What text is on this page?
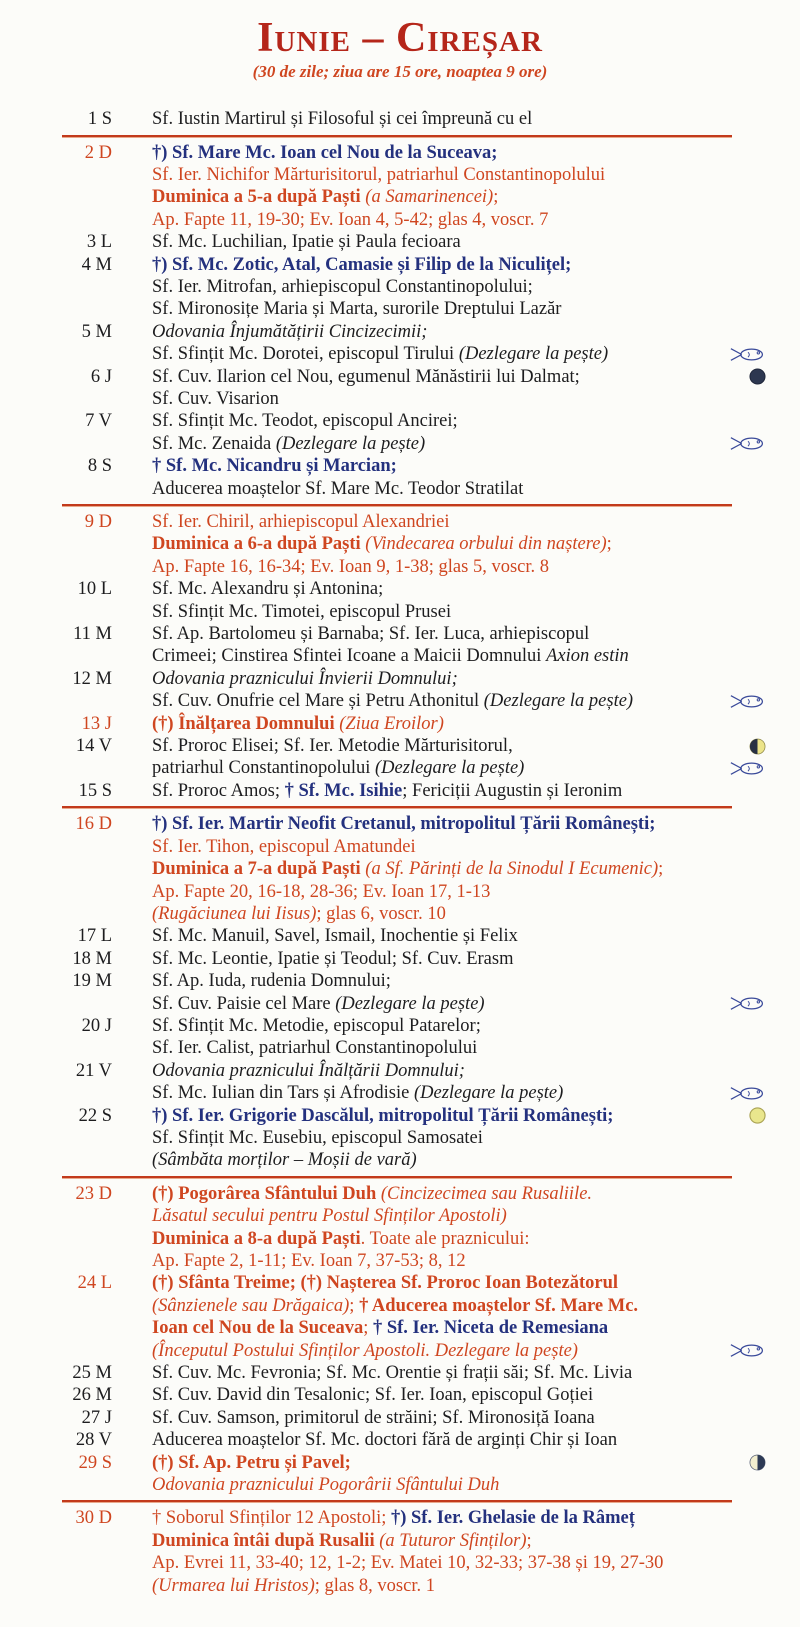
Iunie – Cireșar
(30 de zile; ziua are 15 ore, noaptea 9 ore)
1 S Sf. Iustin Martirul și Filosoful și cei împreună cu el
2 D †) Sf. Mare Mc. Ioan cel Nou de la Suceava;
Sf. Ier. Nichifor Mărturisitorul, patriarhul Constantinopolului
Duminica a 5-a după Paști (a Samarinencei);
Ap. Fapte 11, 19-30; Ev. Ioan 4, 5-42; glas 4, voscr. 7
3 L Sf. Mc. Luchilian, Ipatie și Paula fecioara
4 M †) Sf. Mc. Zotic, Atal, Camasie și Filip de la Niculițel;
Sf. Ier. Mitrofan, arhiepiscopul Constantinopolului;
Sf. Mironosițe Maria și Marta, surorile Dreptului Lazăr
5 M Odovania Înjumătățirii Cincizecimii;
Sf. Sfințit Mc. Dorotei, episcopul Tirului (Dezlegare la pește)
6 J Sf. Cuv. Ilarion cel Nou, egumenul Mănăstirii lui Dalmat;
Sf. Cuv. Visarion
7 V Sf. Sfințit Mc. Teodot, episcopul Ancirei;
Sf. Mc. Zenaida (Dezlegare la pește)
8 S † Sf. Mc. Nicandru și Marcian;
Aducerea moaștelor Sf. Mare Mc. Teodor Stratilat
9 D Sf. Ier. Chiril, arhiepiscopul Alexandriei
Duminica a 6-a după Paști (Vindecarea orbului din naștere);
Ap. Fapte 16, 16-34; Ev. Ioan 9, 1-38; glas 5, voscr. 8
10 L Sf. Mc. Alexandru și Antonina;
Sf. Sfințit Mc. Timotei, episcopul Prusei
11 M Sf. Ap. Bartolomeu și Barnaba; Sf. Ier. Luca, arhiepiscopul
Crimeei; Cinstirea Sfintei Icoane a Maicii Domnului Axion estin
12 M Odovania praznicului Învierii Domnului;
Sf. Cuv. Onufrie cel Mare și Petru Athonitul (Dezlegare la pește)
13 J (†) Înălțarea Domnului (Ziua Eroilor)
14 V Sf. Proroc Elisei; Sf. Ier. Metodie Mărturisitorul,
patriarhul Constantinopolului (Dezlegare la pește)
15 S Sf. Proroc Amos; † Sf. Mc. Isihie; Fericiții Augustin și Ieronim
16 D †) Sf. Ier. Martir Neofit Cretanul, mitropolitul Țării Românești;
Sf. Ier. Tihon, episcopul Amatundei
Duminica a 7-a după Paști (a Sf. Părinți de la Sinodul I Ecumenic);
Ap. Fapte 20, 16-18, 28-36; Ev. Ioan 17, 1-13
(Rugăciunea lui Iisus); glas 6, voscr. 10
17 L Sf. Mc. Manuil, Savel, Ismail, Inochentie și Felix
18 M Sf. Mc. Leontie, Ipatie și Teodul; Sf. Cuv. Erasm
19 M Sf. Ap. Iuda, rudenia Domnului;
Sf. Cuv. Paisie cel Mare (Dezlegare la pește)
20 J Sf. Sfințit Mc. Metodie, episcopul Patarelor;
Sf. Ier. Calist, patriarhul Constantinopolului
21 V Odovania praznicului Înălțării Domnului;
Sf. Mc. Iulian din Tars și Afrodisie (Dezlegare la pește)
22 S †) Sf. Ier. Grigorie Dascălul, mitropolitul Țării Românești;
Sf. Sfințit Mc. Eusebiu, episcopul Samosatei
(Sâmbăta morților – Moșii de vară)
23 D (†) Pogorârea Sfântului Duh (Cincizecimea sau Rusaliile.
Lăsatul secului pentru Postul Sfinților Apostoli)
Duminica a 8-a după Paști. Toate ale praznicului:
Ap. Fapte 2, 1-11; Ev. Ioan 7, 37-53; 8, 12
24 L (†) Sfânta Treime; (†) Nașterea Sf. Proroc Ioan Botezătorul
(Sânzienele sau Drăgaica); † Aducerea moaștelor Sf. Mare Mc.
Ioan cel Nou de la Suceava; † Sf. Ier. Niceta de Remesiana
(Începutul Postului Sfinților Apostoli. Dezlegare la pește)
25 M Sf. Cuv. Mc. Fevronia; Sf. Mc. Orentie și frații săi; Sf. Mc. Livia
26 M Sf. Cuv. David din Tesalonic; Sf. Ier. Ioan, episcopul Goției
27 J Sf. Cuv. Samson, primitorul de străini; Sf. Mironosiță Ioana
28 V Aducerea moaștelor Sf. Mc. doctori fără de arginți Chir și Ioan
29 S (†) Sf. Ap. Petru și Pavel;
Odovania praznicului Pogorârii Sfântului Duh
30 D † Soborul Sfinților 12 Apostoli; †) Sf. Ier. Ghelasie de la Râmeț
Duminica întâi după Rusalii (a Tuturor Sfinților);
Ap. Evrei 11, 33-40; 12, 1-2; Ev. Matei 10, 32-33; 37-38 și 19, 27-30
(Urmarea lui Hristos); glas 8, voscr. 1
